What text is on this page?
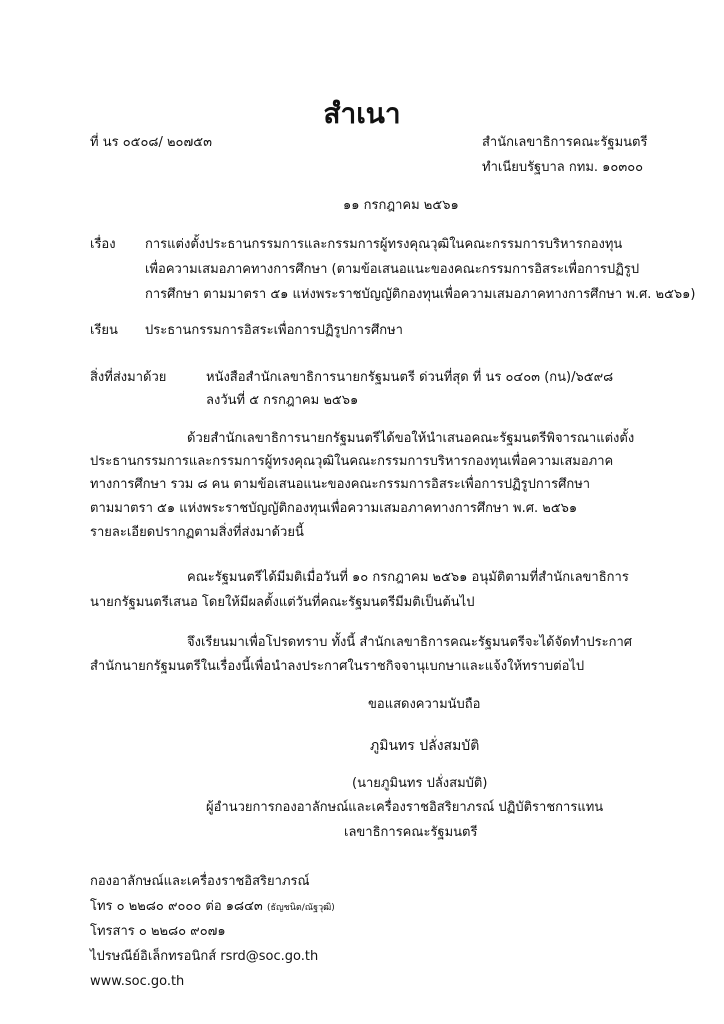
สำเนา
ที่ นร ๐๕๐๘/ ๒๐๗๕๓	สำนักเลขาธิการคณะรัฐมนตรี
ทำเนียบรัฐบาล กทม. ๑๐๓๐๐
๑๑ กรกฎาคม ๒๕๖๑
เรื่อง การแต่งตั้งประธานกรรมการและกรรมการผู้ทรงคุณวุฒิในคณะกรรมการบริหารกองทุน
เพื่อความเสมอภาคทางการศึกษา (ตามข้อเสนอแนะของคณะกรรมการอิสระเพื่อการปฏิรูป
การศึกษา ตามมาตรา ๕๑ แห่งพระราชบัญญัติกองทุนเพื่อความเสมอภาคทางการศึกษา พ.ศ. ๒๕๖๑)
เรียน ประธานกรรมการอิสระเพื่อการปฏิรูปการศึกษา
สิ่งที่ส่งมาด้วย	หนังสือสำนักเลขาธิการนายกรัฐมนตรี ด่วนที่สุด ที่ นร ๐๔๐๓ (กน)/๖๕๙๘
ลงวันที่ ๕ กรกฎาคม ๒๕๖๑
ด้วยสำนักเลขาธิการนายกรัฐมนตรีได้ขอให้นำเสนอคณะรัฐมนตรีพิจารณาแต่งตั้ง
ประธานกรรมการและกรรมการผู้ทรงคุณวุฒิในคณะกรรมการบริหารกองทุนเพื่อความเสมอภาค
ทางการศึกษา รวม ๘ คน ตามข้อเสนอแนะของคณะกรรมการอิสระเพื่อการปฏิรูปการศึกษา
ตามมาตรา ๕๑ แห่งพระราชบัญญัติกองทุนเพื่อความเสมอภาคทางการศึกษา พ.ศ. ๒๕๖๑
รายละเอียดปรากฏตามสิ่งที่ส่งมาด้วยนี้
คณะรัฐมนตรีได้มีมติเมื่อวันที่ ๑๐ กรกฎาคม ๒๕๖๑ อนุมัติตามที่สำนักเลขาธิการ
นายกรัฐมนตรีเสนอ โดยให้มีผลตั้งแต่วันที่คณะรัฐมนตรีมีมติเป็นต้นไป
จึงเรียนมาเพื่อโปรดทราบ ทั้งนี้ สำนักเลขาธิการคณะรัฐมนตรีจะได้จัดทำประกาศ
สำนักนายกรัฐมนตรีในเรื่องนี้เพื่อนำลงประกาศในราชกิจจานุเบกษาและแจ้งให้ทราบต่อไป
ขอแสดงความนับถือ
ภูมินทร ปลั่งสมบัติ
(นายภูมินทร ปลั่งสมบัติ)
ผู้อำนวยการกองอาลักษณ์และเครื่องราชอิสริยาภรณ์ ปฏิบัติราชการแทน
เลขาธิการคณะรัฐมนตรี
กองอาลักษณ์และเครื่องราชอิสริยาภรณ์
โทร ๐ ๒๒๘๐ ๙๐๐๐ ต่อ ๑๘๔๓ (ธัญชนิต/ณัฐวุฒิ)
โทรสาร ๐ ๒๒๘๐ ๙๐๗๑
ไปรษณีย์อิเล็กทรอนิกส์ rsrd@soc.go.th
www.soc.go.th
